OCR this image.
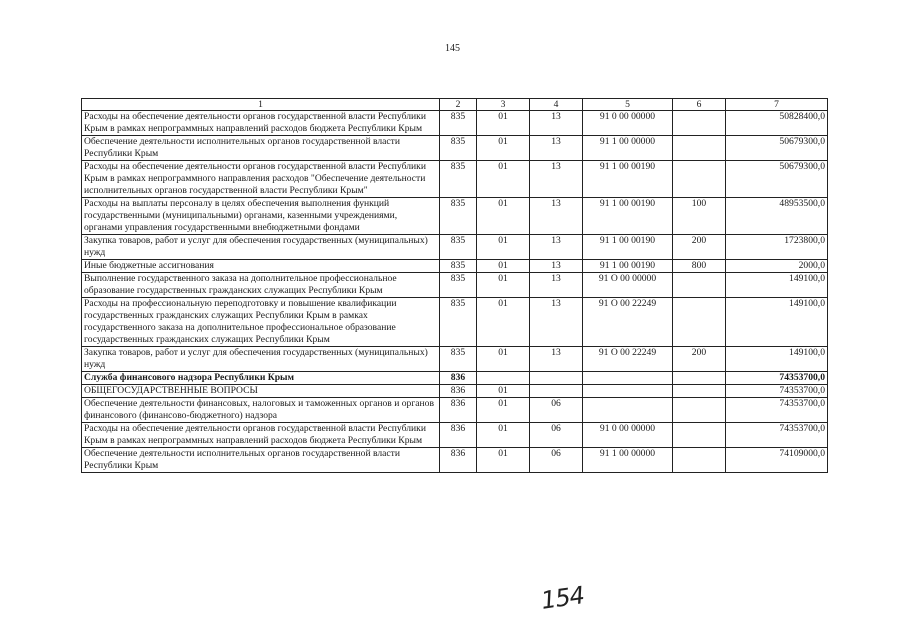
145
1	2	3	4	5	6	7
Расходы на обеспечение деятельности органов государственной власти Республики Крым в рамках непрограммных направлений расходов бюджета Республики Крым	835	01	13	91 0 00 00000		50828400,0
Обеспечение деятельности исполнительных органов государственной власти Республики Крым	835	01	13	91 1 00 00000		50679300,0
Расходы на обеспечение деятельности органов государственной власти Республики Крым в рамках непрограммного направления расходов "Обеспечение деятельности исполнительных органов государственной власти Республики Крым"	835	01	13	91 1 00 00190		50679300,0
Расходы на выплаты персоналу в целях обеспечения выполнения функций государственными (муниципальными) органами, казенными учреждениями, органами управления государственными внебюджетными фондами	835	01	13	91 1 00 00190	100	48953500,0
Закупка товаров, работ и услуг для обеспечения государственных (муниципальных) нужд	835	01	13	91 1 00 00190	200	1723800,0
Иные бюджетные ассигнования	835	01	13	91 1 00 00190	800	2000,0
Выполнение государственного заказа на дополнительное профессиональное образование государственных гражданских служащих Республики Крым	835	01	13	91 О 00 00000		149100,0
Расходы на профессиональную переподготовку и повышение квалификации государственных гражданских служащих Республики Крым в рамках государственного заказа на дополнительное профессиональное образование государственных гражданских служащих Республики Крым	835	01	13	91 О 00 22249		149100,0
Закупка товаров, работ и услуг для обеспечения государственных (муниципальных) нужд	835	01	13	91 О 00 22249	200	149100,0
Служба финансового надзора Республики Крым	836					74353700,0
ОБЩЕГОСУДАРСТВЕННЫЕ ВОПРОСЫ	836	01				74353700,0
Обеспечение деятельности финансовых, налоговых и таможенных органов и органов финансового (финансово-бюджетного) надзора	836	01	06			74353700,0
Расходы на обеспечение деятельности органов государственной власти Республики Крым в рамках непрограммных направлений расходов бюджета Республики Крым	836	01	06	91 0 00 00000		74353700,0
Обеспечение деятельности исполнительных органов государственной власти Республики Крым	836	01	06	91 1 00 00000		74109000,0
154
